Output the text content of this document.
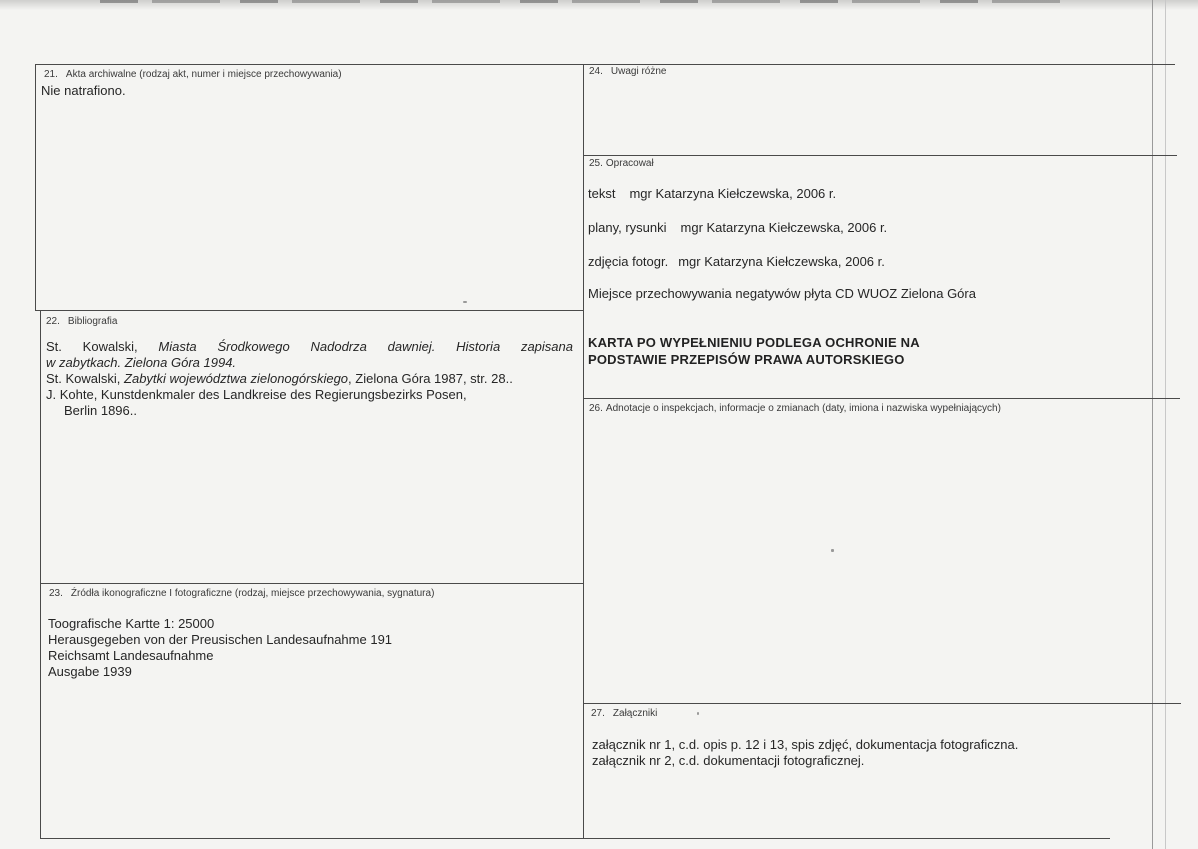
21. Akta archiwalne (rodzaj akt, numer i miejsce przechowywania)
Nie natrafiono.
22. Bibliografia
St. Kowalski, Miasta Środkowego Nadodrza dawniej. Historia zapisana
w zabytkach. Zielona Góra 1994.
St. Kowalski, Zabytki województwa zielonogórskiego, Zielona Góra 1987, str. 28..
J. Kohte, Kunstdenkmaler des Landkreise des Regierungsbezirks Posen,
Berlin 1896..
23. Źródła ikonograficzne I fotograficzne (rodzaj, miejsce przechowywania, sygnatura)
Toografische Kartte 1: 25000
Herausgegeben von der Preusischen Landesaufnahme 191
Reichsamt Landesaufnahme
Ausgabe 1939
24. Uwagi różne
25. Opracował
tekst mgr Katarzyna Kiełczewska, 2006 r.
plany, rysunki mgr Katarzyna Kiełczewska, 2006 r.
zdjęcia fotogr. mgr Katarzyna Kiełczewska, 2006 r.
Miejsce przechowywania negatywów płyta CD WUOZ Zielona Góra
KARTA PO WYPEŁNIENIU PODLEGA OCHRONIE NA
PODSTAWIE PRZEPISÓW PRAWA AUTORSKIEGO
26. Adnotacje o inspekcjach, informacje o zmianach (daty, imiona i nazwiska wypełniających)
27. Załączniki
załącznik nr 1, c.d. opis p. 12 i 13, spis zdjęć, dokumentacja fotograficzna.
załącznik nr 2, c.d. dokumentacji fotograficznej.
